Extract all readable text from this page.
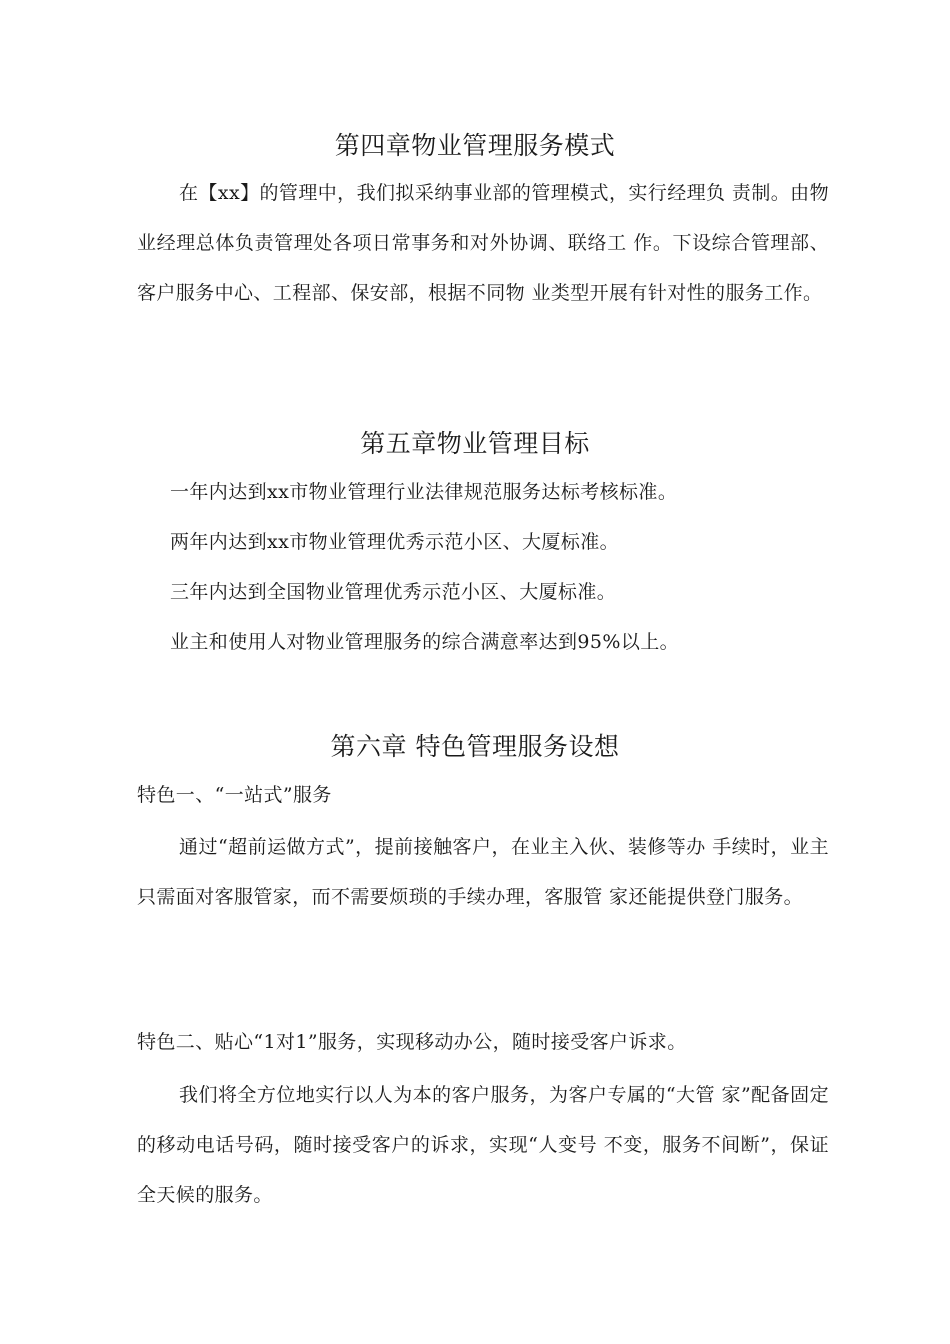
第四章物业管理服务模式
在【xx】的管理中，我们拟采纳事业部的管理模式，实行经理负 责制。由物业经理总体负责管理处各项日常事务和对外协调、联络工 作。下设综合管理部、客户服务中心、工程部、保安部，根据不同物 业类型开展有针对性的服务工作。
第五章物业管理目标
一年内达到xx市物业管理行业法律规范服务达标考核标准。
两年内达到xx市物业管理优秀示范小区、大厦标准。
三年内达到全国物业管理优秀示范小区、大厦标准。
业主和使用人对物业管理服务的综合满意率达到95%以上。
第六章 特色管理服务设想
特色一、“一站式”服务
通过“超前运做方式”，提前接触客户，在业主入伙、装修等办 手续时，业主只需面对客服管家，而不需要烦琐的手续办理，客服管 家还能提供登门服务。
特色二、贴心“1对1”服务，实现移动办公，随时接受客户诉求。
我们将全方位地实行以人为本的客户服务，为客户专属的“大管 家”配备固定的移动电话号码，随时接受客户的诉求，实现“人变号 不变，服务不间断”，保证全天候的服务。
